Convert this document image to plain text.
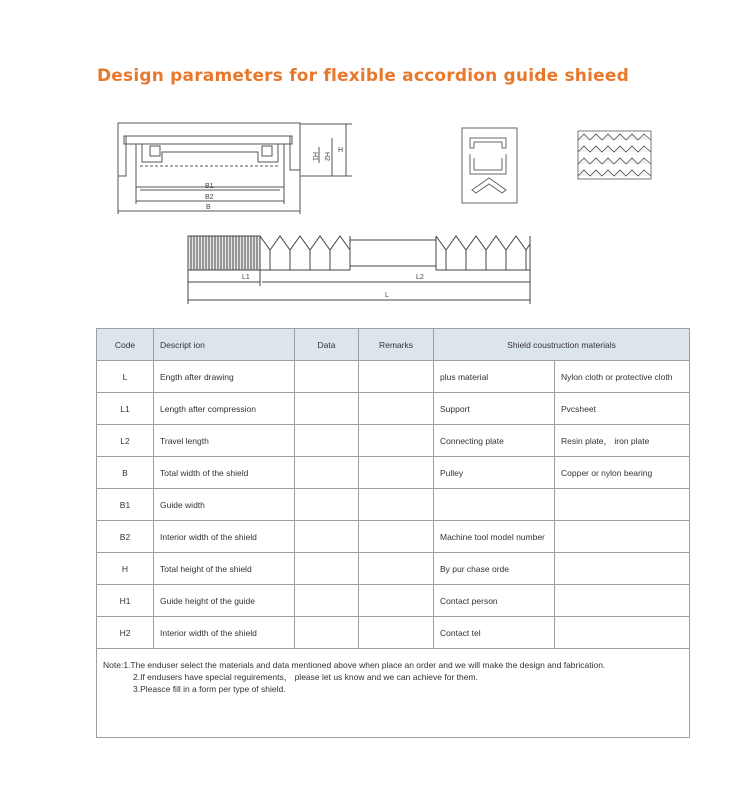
Design parameters for flexible accordion guide shieed
B1
B2
B
H
H1 H2
L1	L2
L
Code	Descript ion	Data	Remarks	Shield coustruction materials	
L	Ength after drawing			plus material	Nylon cloth or protective cloth
L1	Length after compression			Support	Pvcsheet
L2	Travel length			Connecting plate	Resin plate， iron plate
B	Total width of the shield			Pulley	Copper or nylon bearing
B1	Guide width				
B2	Interior width of the shield			Machine tool model number	
H	Total height of the shield			By pur chase orde	
H1	Guide height of the guide			Contact person	
H2	Interior width of the shield			Contact tel	

Note:1.The enduser select the materials and data mentioned above when place an order and we will make the design and fabrication.
2.If endusers have special reguirements， please let us know and we can achieve for them.
3.Pleasce fill in a form per type of shield.					
